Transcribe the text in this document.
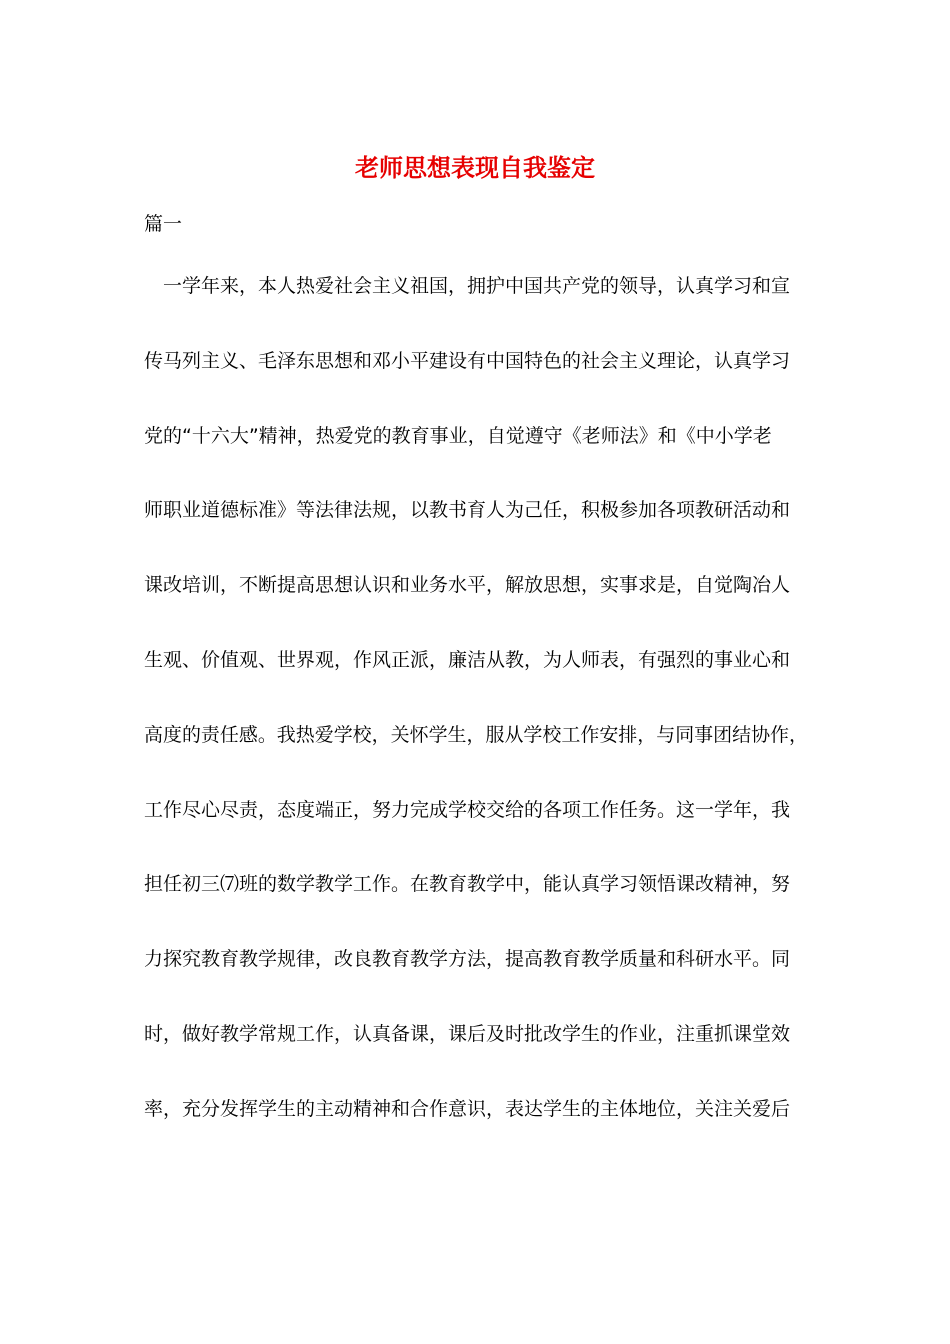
老师思想表现自我鉴定

篇一

一学年来，本人热爱社会主义祖国，拥护中国共产党的领导，认真学习和宣
传马列主义、毛泽东思想和邓小平建设有中国特色的社会主义理论，认真学习
党的“十六大”精神，热爱党的教育事业，自觉遵守《老师法》和《中小学老
师职业道德标准》等法律法规，以教书育人为己任，积极参加各项教研活动和
课改培训，不断提高思想认识和业务水平，解放思想，实事求是，自觉陶冶人
生观、价值观、世界观，作风正派，廉洁从教，为人师表，有强烈的事业心和
高度的责任感。我热爱学校，关怀学生，服从学校工作安排，与同事团结协作，
工作尽心尽责，态度端正，努力完成学校交给的各项工作任务。这一学年，我
担任初三⑺班的数学教学工作。在教育教学中，能认真学习领悟课改精神，努
力探究教育教学规律，改良教育教学方法，提高教育教学质量和科研水平。同
时，做好教学常规工作，认真备课，课后及时批改学生的作业，注重抓课堂效
率，充分发挥学生的主动精神和合作意识，表达学生的主体地位，关注关爱后
